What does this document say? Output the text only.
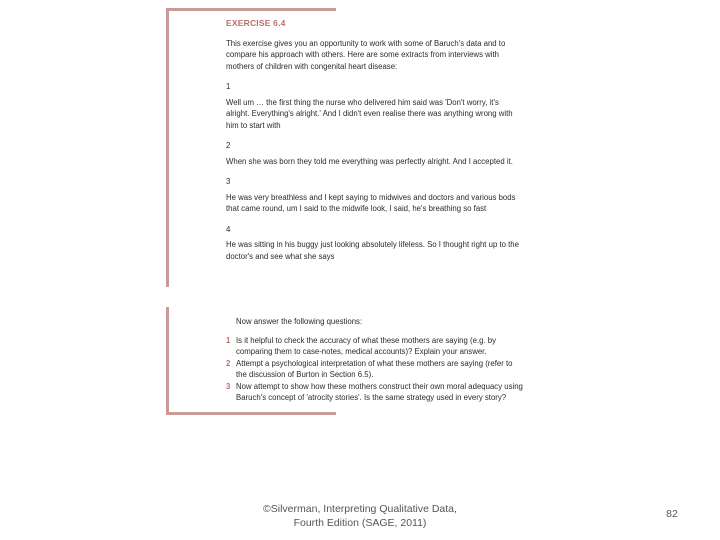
EXERCISE 6.4

This exercise gives you an opportunity to work with some of Baruch's data and to compare his approach with others. Here are some extracts from interviews with mothers of children with congenital heart disease:

1

Well um … the first thing the nurse who delivered him said was 'Don't worry, it's alright. Everything's alright.' And I didn't even realise there was anything wrong with him to start with

2

When she was born they told me everything was perfectly alright. And I accepted it.

3

He was very breathless and I kept saying to midwives and doctors and various bods that came round, um I said to the midwife look, I said, he's breathing so fast

4

He was sitting in his buggy just looking absolutely lifeless. So I thought right up to the doctor's and see what she says

Now answer the following questions:

1 Is it helpful to check the accuracy of what these mothers are saying (e.g. by comparing them to case-notes, medical accounts)? Explain your answer.
2 Attempt a psychological interpretation of what these mothers are saying (refer to the discussion of Burton in Section 6.5).
3 Now attempt to show how these mothers construct their own moral adequacy using Baruch's concept of 'atrocity stories'. Is the same strategy used in every story?
©Silverman, Interpreting Qualitative Data,
Fourth Edition (SAGE, 2011)
82
